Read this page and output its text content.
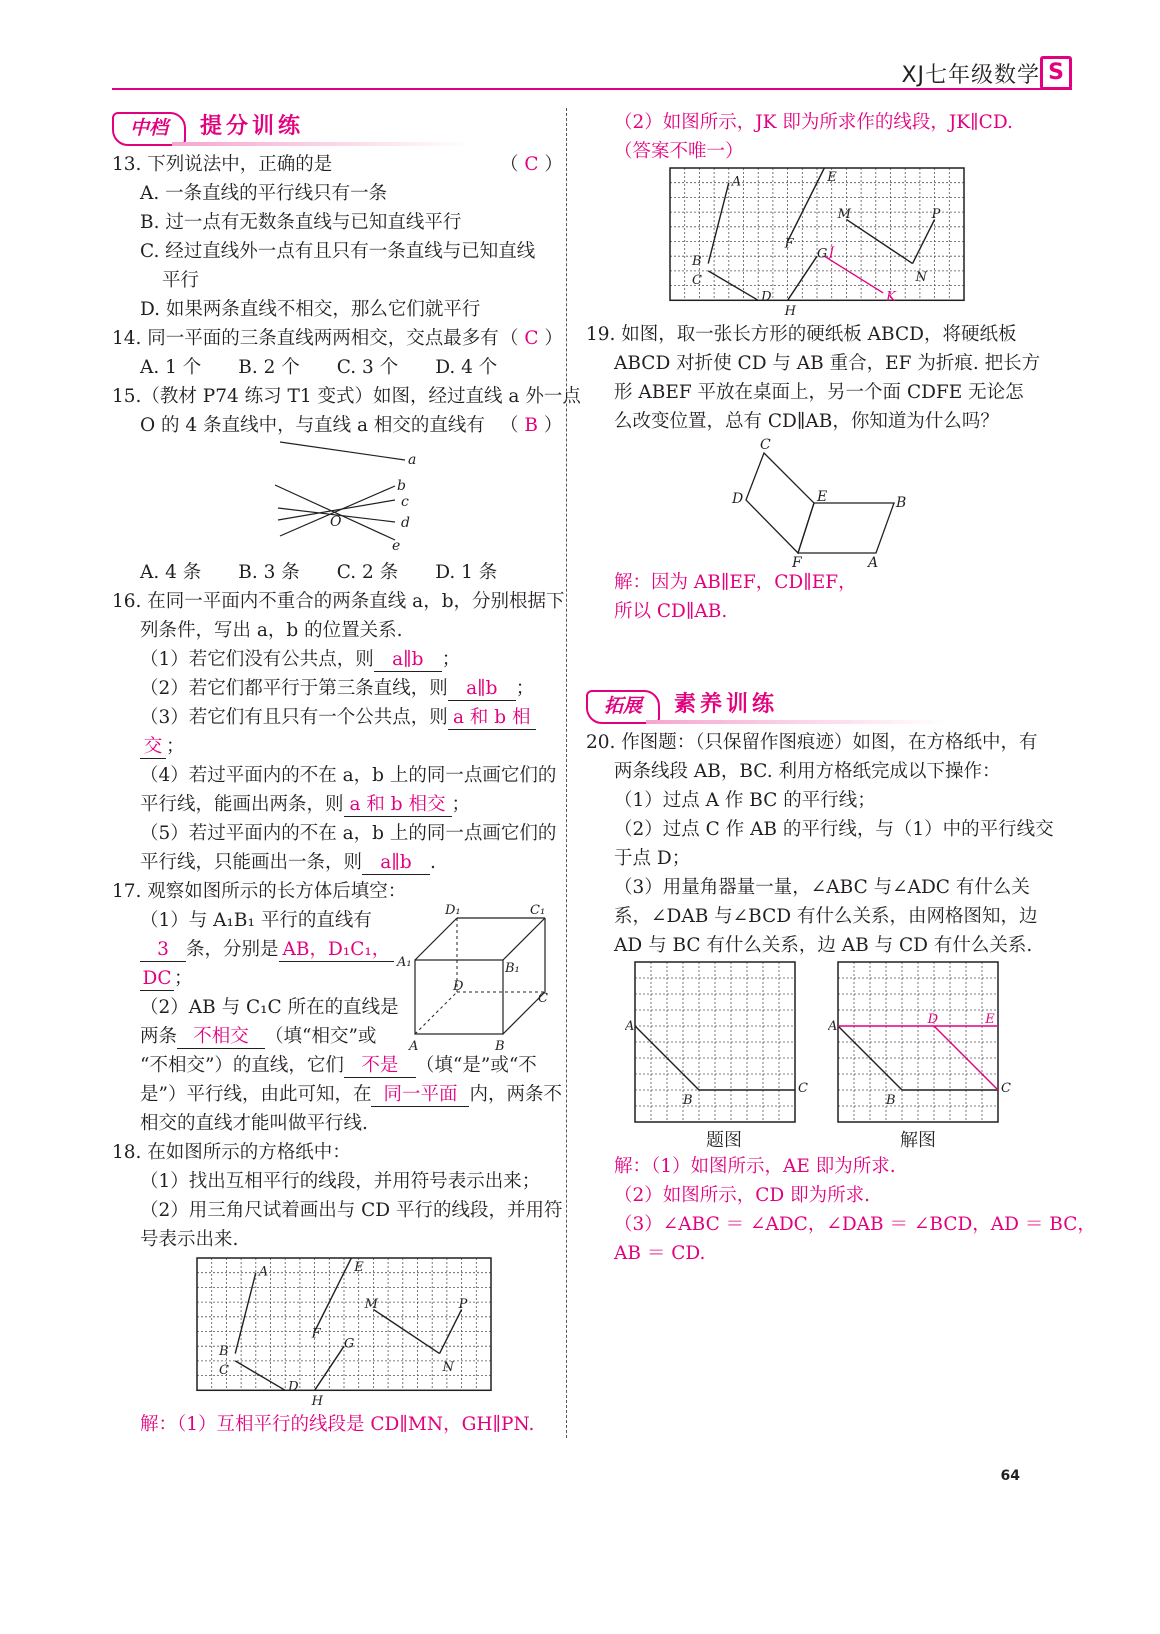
XJ七年级数学 S
中档	提分训练
13. 下列说法中，正确的是	（ C ）
A. 一条直线的平行线只有一条
B. 过一点有无数条直线与已知直线平行
C. 经过直线外一点有且只有一条直线与已知直线
平行
D. 如果两条直线不相交，那么它们就平行
14. 同一平面的三条直线两两相交，交点最多有 （ C ）
A. 1 个　　B. 2 个　　C. 3 个　　D. 4 个
15.（教材 P74 练习 T1 变式）如图，经过直线 a 外一点
O 的 4 条直线中，与直线 a 相交的直线有 （ B ）
a
b
c
d
e
O
A. 4 条　　B. 3 条　　C. 2 条　　D. 1 条
16. 在同一平面内不重合的两条直线 a，b，分别根据下
列条件，写出 a，b 的位置关系.
（1）若它们没有公共点，则 a∥b ；
（2）若它们都平行于第三条直线，则 a∥b ；
（3）若它们有且只有一个公共点，则 a 和 b 相
交 ；
（4）若过平面内的不在 a，b 上的同一点画它们的
平行线，能画出两条，则 a 和 b 相交 ；
（5）若过平面内的不在 a，b 上的同一点画它们的
平行线，只能画出一条，则 a∥b .
17. 观察如图所示的长方体后填空：
（1）与 A₁B₁ 平行的直线有
3 条，分别是 AB，D₁C₁，
DC ；
（2）AB 与 C₁C 所在的直线是
两条 不相交 （填“相交”或
“不相交”）的直线，它们 不是 （填“是”或“不
是”）平行线，由此可知，在 同一平面 内，两条不
相交的直线才能叫做平行线.
D₁	C₁
A₁	B₁
D
C
A	B
18. 在如图所示的方格纸中：
（1）找出互相平行的线段，并用符号表示出来；
（2）用三角尺试着画出与 CD 平行的线段，并用符
号表示出来.
A
B
C
D
E
F
G
H
M
N
P
解：（1）互相平行的线段是 CD∥MN，GH∥PN.
（2）如图所示，JK 即为所求作的线段，JK∥CD.
（答案不唯一）
A
B
C
D
E
F
G
H
M
N
P
J
K
19. 如图，取一张长方形的硬纸板 ABCD，将硬纸板
ABCD 对折使 CD 与 AB 重合，EF 为折痕. 把长方
形 ABEF 平放在桌面上，另一个面 CDFE 无论怎
么改变位置，总有 CD∥AB，你知道为什么吗？
C
D	E	B
F	A
解：因为 AB∥EF，CD∥EF，
所以 CD∥AB.
拓展	素养训练
20. 作图题：（只保留作图痕迹）如图，在方格纸中，有
两条线段 AB，BC. 利用方格纸完成以下操作：
（1）过点 A 作 BC 的平行线；
（2）过点 C 作 AB 的平行线，与（1）中的平行线交
于点 D；
（3）用量角器量一量，∠ABC 与∠ADC 有什么关
系，∠DAB 与∠BCD 有什么关系，由网格图知，边
AD 与 BC 有什么关系，边 AB 与 CD 有什么关系.
A
B
C
A
B
C
D	E
题图	解图
解：（1）如图所示，AE 即为所求.
（2）如图所示，CD 即为所求.
（3）∠ABC ＝ ∠ADC，∠DAB ＝ ∠BCD，AD ＝ BC，
AB ＝ CD.
64
